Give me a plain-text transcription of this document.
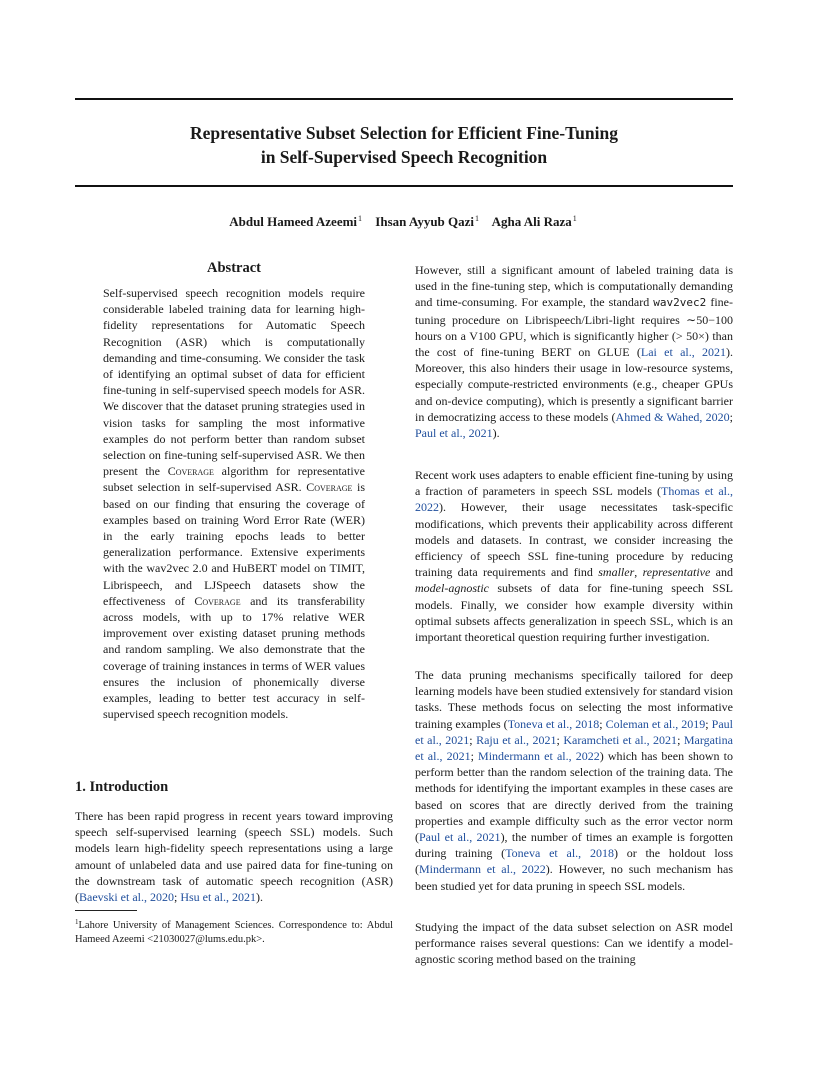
Representative Subset Selection for Efficient Fine-Tuning
in Self-Supervised Speech Recognition
Abdul Hameed Azeemi$^1$ Ihsan Ayyub Qazi$^1$ Agha Ali Raza$^1$
Abstract
Self-supervised speech recognition models require considerable labeled training data for learning high-fidelity representations for Automatic Speech Recognition (ASR) which is computationally demanding and time-consuming. We consider the task of identifying an optimal subset of data for efficient fine-tuning in self-supervised speech models for ASR. We discover that the dataset pruning strategies used in vision tasks for sampling the most informative examples do not perform better than random subset selection on fine-tuning self-supervised ASR. We then present the Coverage algorithm for representative subset selection in self-supervised ASR. Coverage is based on our finding that ensuring the coverage of examples based on training Word Error Rate (WER) in the early training epochs leads to better generalization performance. Extensive experiments with the wav2vec 2.0 and HuBERT model on TIMIT, Librispeech, and LJSpeech datasets show the effectiveness of Coverage and its transferability across models, with up to 17% relative WER improvement over existing dataset pruning methods and random sampling. We also demonstrate that the coverage of training instances in terms of WER values ensures the inclusion of phonemically diverse examples, leading to better test accuracy in self-supervised speech recognition models.
1. Introduction
There has been rapid progress in recent years toward improving speech self-supervised learning (speech SSL) models. Such models learn high-fidelity speech representations using a large amount of unlabeled data and use paired data for fine-tuning on the downstream task of automatic speech recognition (ASR) (Baevski et al., 2020; Hsu et al., 2021).
$^1$Lahore University of Management Sciences. Correspondence to: Abdul Hameed Azeemi <21030027@lums.edu.pk>.
However, still a significant amount of labeled training data is used in the fine-tuning step, which is computationally demanding and time-consuming. For example, the standard wav2vec2 fine-tuning procedure on Librispeech/Libri-light requires ∼50−100 hours on a V100 GPU, which is significantly higher (> 50×) than the cost of fine-tuning BERT on GLUE (Lai et al., 2021). Moreover, this also hinders their usage in low-resource systems, especially compute-restricted environments (e.g., cheaper GPUs and on-device computing), which is presently a significant barrier in democratizing access to these models (Ahmed & Wahed, 2020; Paul et al., 2021).
Recent work uses adapters to enable efficient fine-tuning by using a fraction of parameters in speech SSL models (Thomas et al., 2022). However, their usage necessitates task-specific modifications, which prevents their applicability across different models and datasets. In contrast, we consider increasing the efficiency of speech SSL fine-tuning procedure by reducing training data requirements and find smaller, representative and model-agnostic subsets of data for fine-tuning speech SSL models. Finally, we consider how example diversity within optimal subsets affects generalization in speech SSL, which is an important theoretical question requiring further investigation.
The data pruning mechanisms specifically tailored for deep learning models have been studied extensively for standard vision tasks. These methods focus on selecting the most informative training examples (Toneva et al., 2018; Coleman et al., 2019; Paul et al., 2021; Raju et al., 2021; Karamcheti et al., 2021; Margatina et al., 2021; Mindermann et al., 2022) which has been shown to perform better than the random selection of the training data. The methods for identifying the important examples in these cases are based on scores that are directly derived from the training properties and example difficulty such as the error vector norm (Paul et al., 2021), the number of times an example is forgotten during training (Toneva et al., 2018) or the holdout loss (Mindermann et al., 2022). However, no such mechanism has been studied yet for data pruning in speech SSL models.
Studying the impact of the data subset selection on ASR model performance raises several questions: Can we identify a model-agnostic scoring method based on the training
